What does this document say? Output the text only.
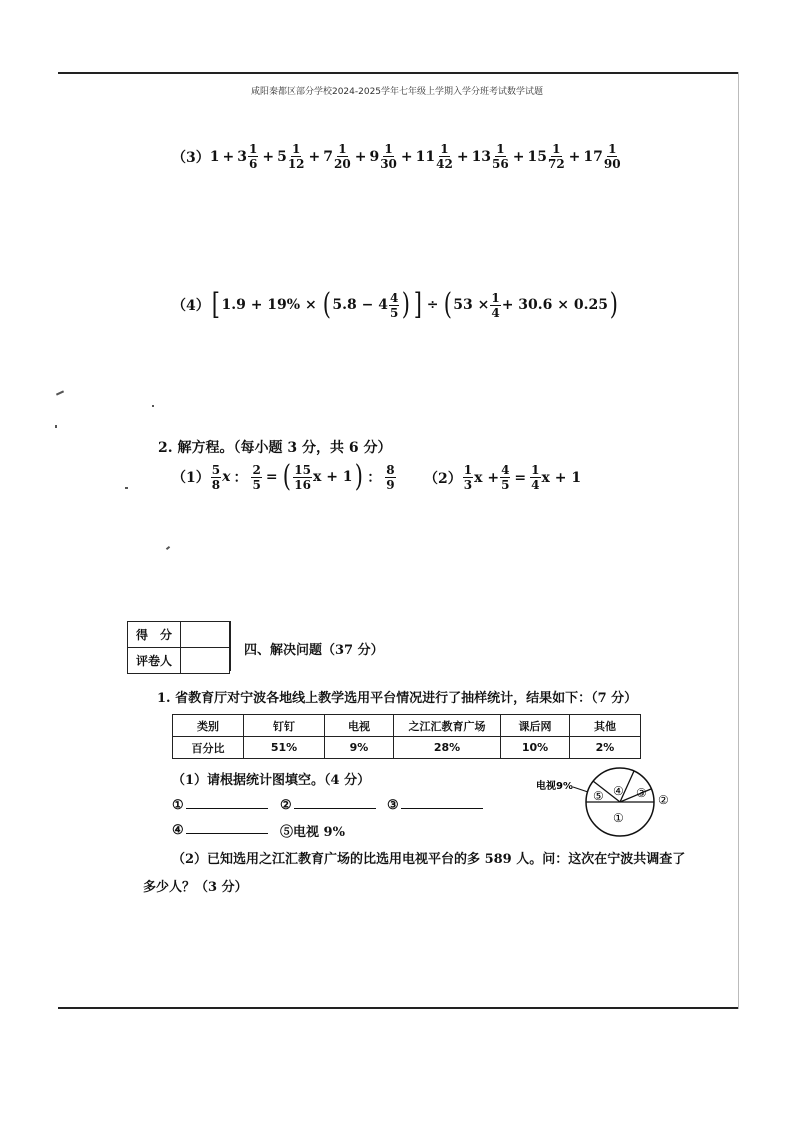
咸阳秦都区部分学校2024-2025学年七年级上学期入学分班考试数学试题
（3） $1 + 3 \frac{1}{6} + 5 \frac{1}{12} + 7 \frac{1}{20} + 9 \frac{1}{30} + 11 \frac{1}{42} + 13 \frac{1}{56} + 15 \frac{1}{72} + 17 \frac{1}{90}$
（4） [ 1.9 + 19% × ( $5.8 - 4 \frac{4}{5}$ ) ] ÷ ( $53 \times \frac{1}{4} + 30.6 \times 0.25$ )
2. 解方程。（每小题 3 分，共 6 分）
$(1) \frac{5}{8}$ x ： $\frac{2}{5}$ = ( $\frac{15}{16}$ x + 1 ) ： $\frac{8}{9} (2) \frac{1}{3}$ $x + \frac{4}{5} = \frac{1}{4}$ x + 1
得　分	
评卷人	
四、解决问题（37 分）
1. 省教育厅对宁波各地线上教学选用平台情况进行了抽样统计，结果如下：（7 分）
类别	钉钉	电视	之江汇教育广场	课后网	其他
百分比	51%	9%	28%	10%	2%
（1）请根据统计图填空。（4 分）
①	②	③
④	⑤电视 9%
电视9%
①
②
③
④
⑤
（2）已知选用之江汇教育广场的比选用电视平台的多 589 人。问：这次在宁波共调查了
多少人？（3 分）
